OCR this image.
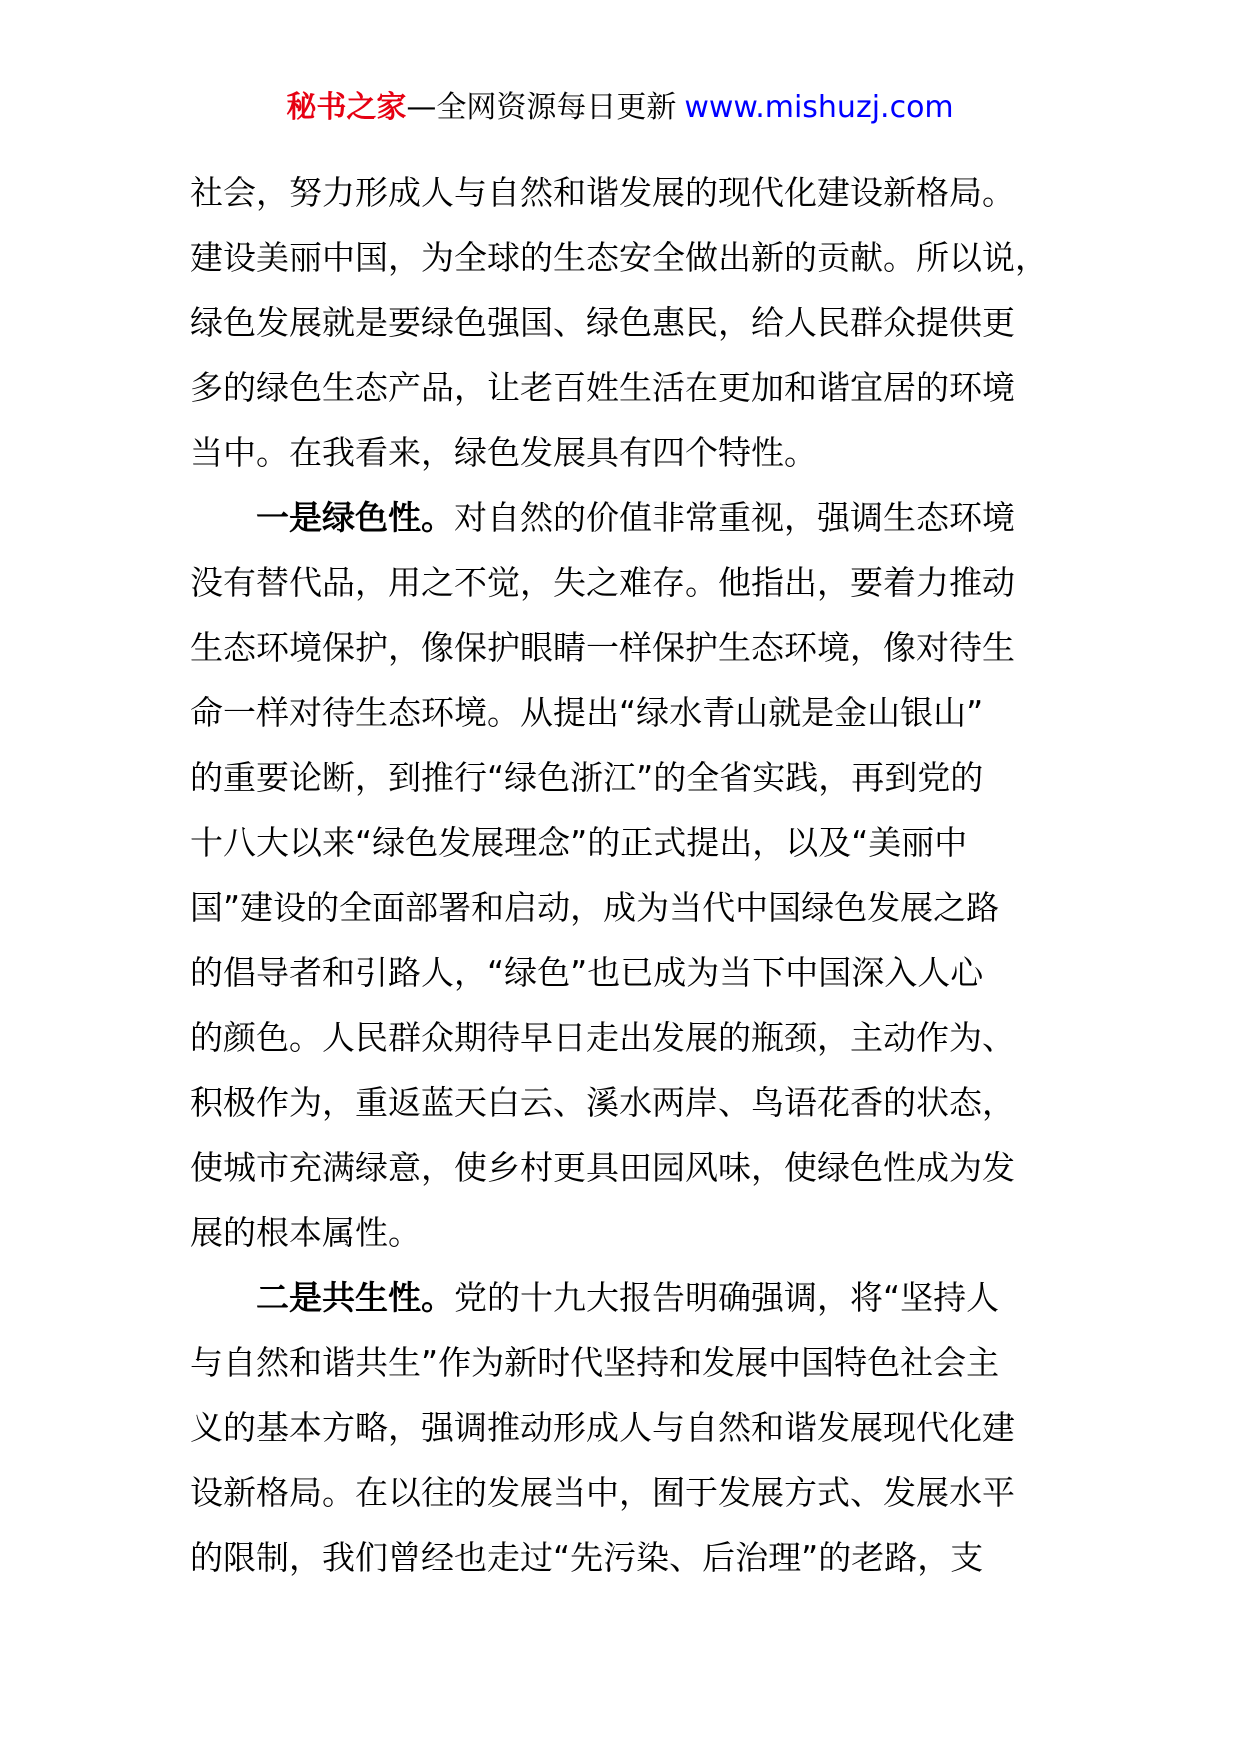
秘书之家—全网资源每日更新 www.mishuzj.com
社会，努力形成人与自然和谐发展的现代化建设新格局。
建设美丽中国，为全球的生态安全做出新的贡献。所以说，
绿色发展就是要绿色强国、绿色惠民，给人民群众提供更
多的绿色生态产品，让老百姓生活在更加和谐宜居的环境
当中。在我看来，绿色发展具有四个特性。
一是绿色性。对自然的价值非常重视，强调生态环境
没有替代品，用之不觉，失之难存。他指出，要着力推动
生态环境保护，像保护眼睛一样保护生态环境，像对待生
命一样对待生态环境。从提出“绿水青山就是金山银山”
的重要论断，到推行“绿色浙江”的全省实践，再到党的
十八大以来“绿色发展理念”的正式提出，以及“美丽中
国”建设的全面部署和启动，成为当代中国绿色发展之路
的倡导者和引路人，“绿色”也已成为当下中国深入人心
的颜色。人民群众期待早日走出发展的瓶颈，主动作为、
积极作为，重返蓝天白云、溪水两岸、鸟语花香的状态，
使城市充满绿意，使乡村更具田园风味，使绿色性成为发
展的根本属性。
二是共生性。党的十九大报告明确强调，将“坚持人
与自然和谐共生”作为新时代坚持和发展中国特色社会主
义的基本方略，强调推动形成人与自然和谐发展现代化建
设新格局。在以往的发展当中，囿于发展方式、发展水平
的限制，我们曾经也走过“先污染、后治理”的老路，支
